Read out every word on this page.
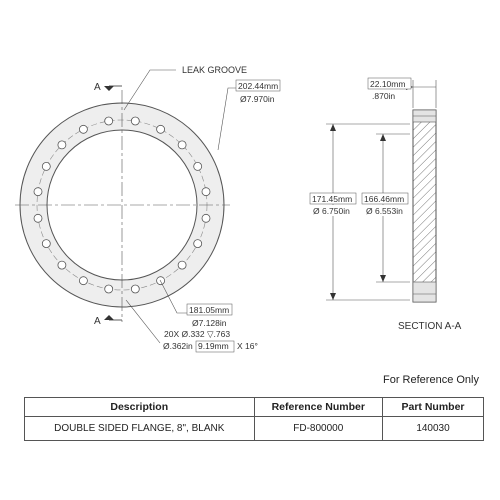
A
A
LEAK GROOVE
202.44mm
Ø7.970in
181.05mm
Ø7.128in
20X Ø.332 ▽.763
Ø.362in 9.19mm X 16°
22.10mm
.870in
171.45mm
Ø 6.750in
166.46mm
Ø 6.553in
SECTION A-A
For Reference Only
Description	Reference Number	Part Number
DOUBLE SIDED FLANGE, 8", BLANK	FD-800000	140030
